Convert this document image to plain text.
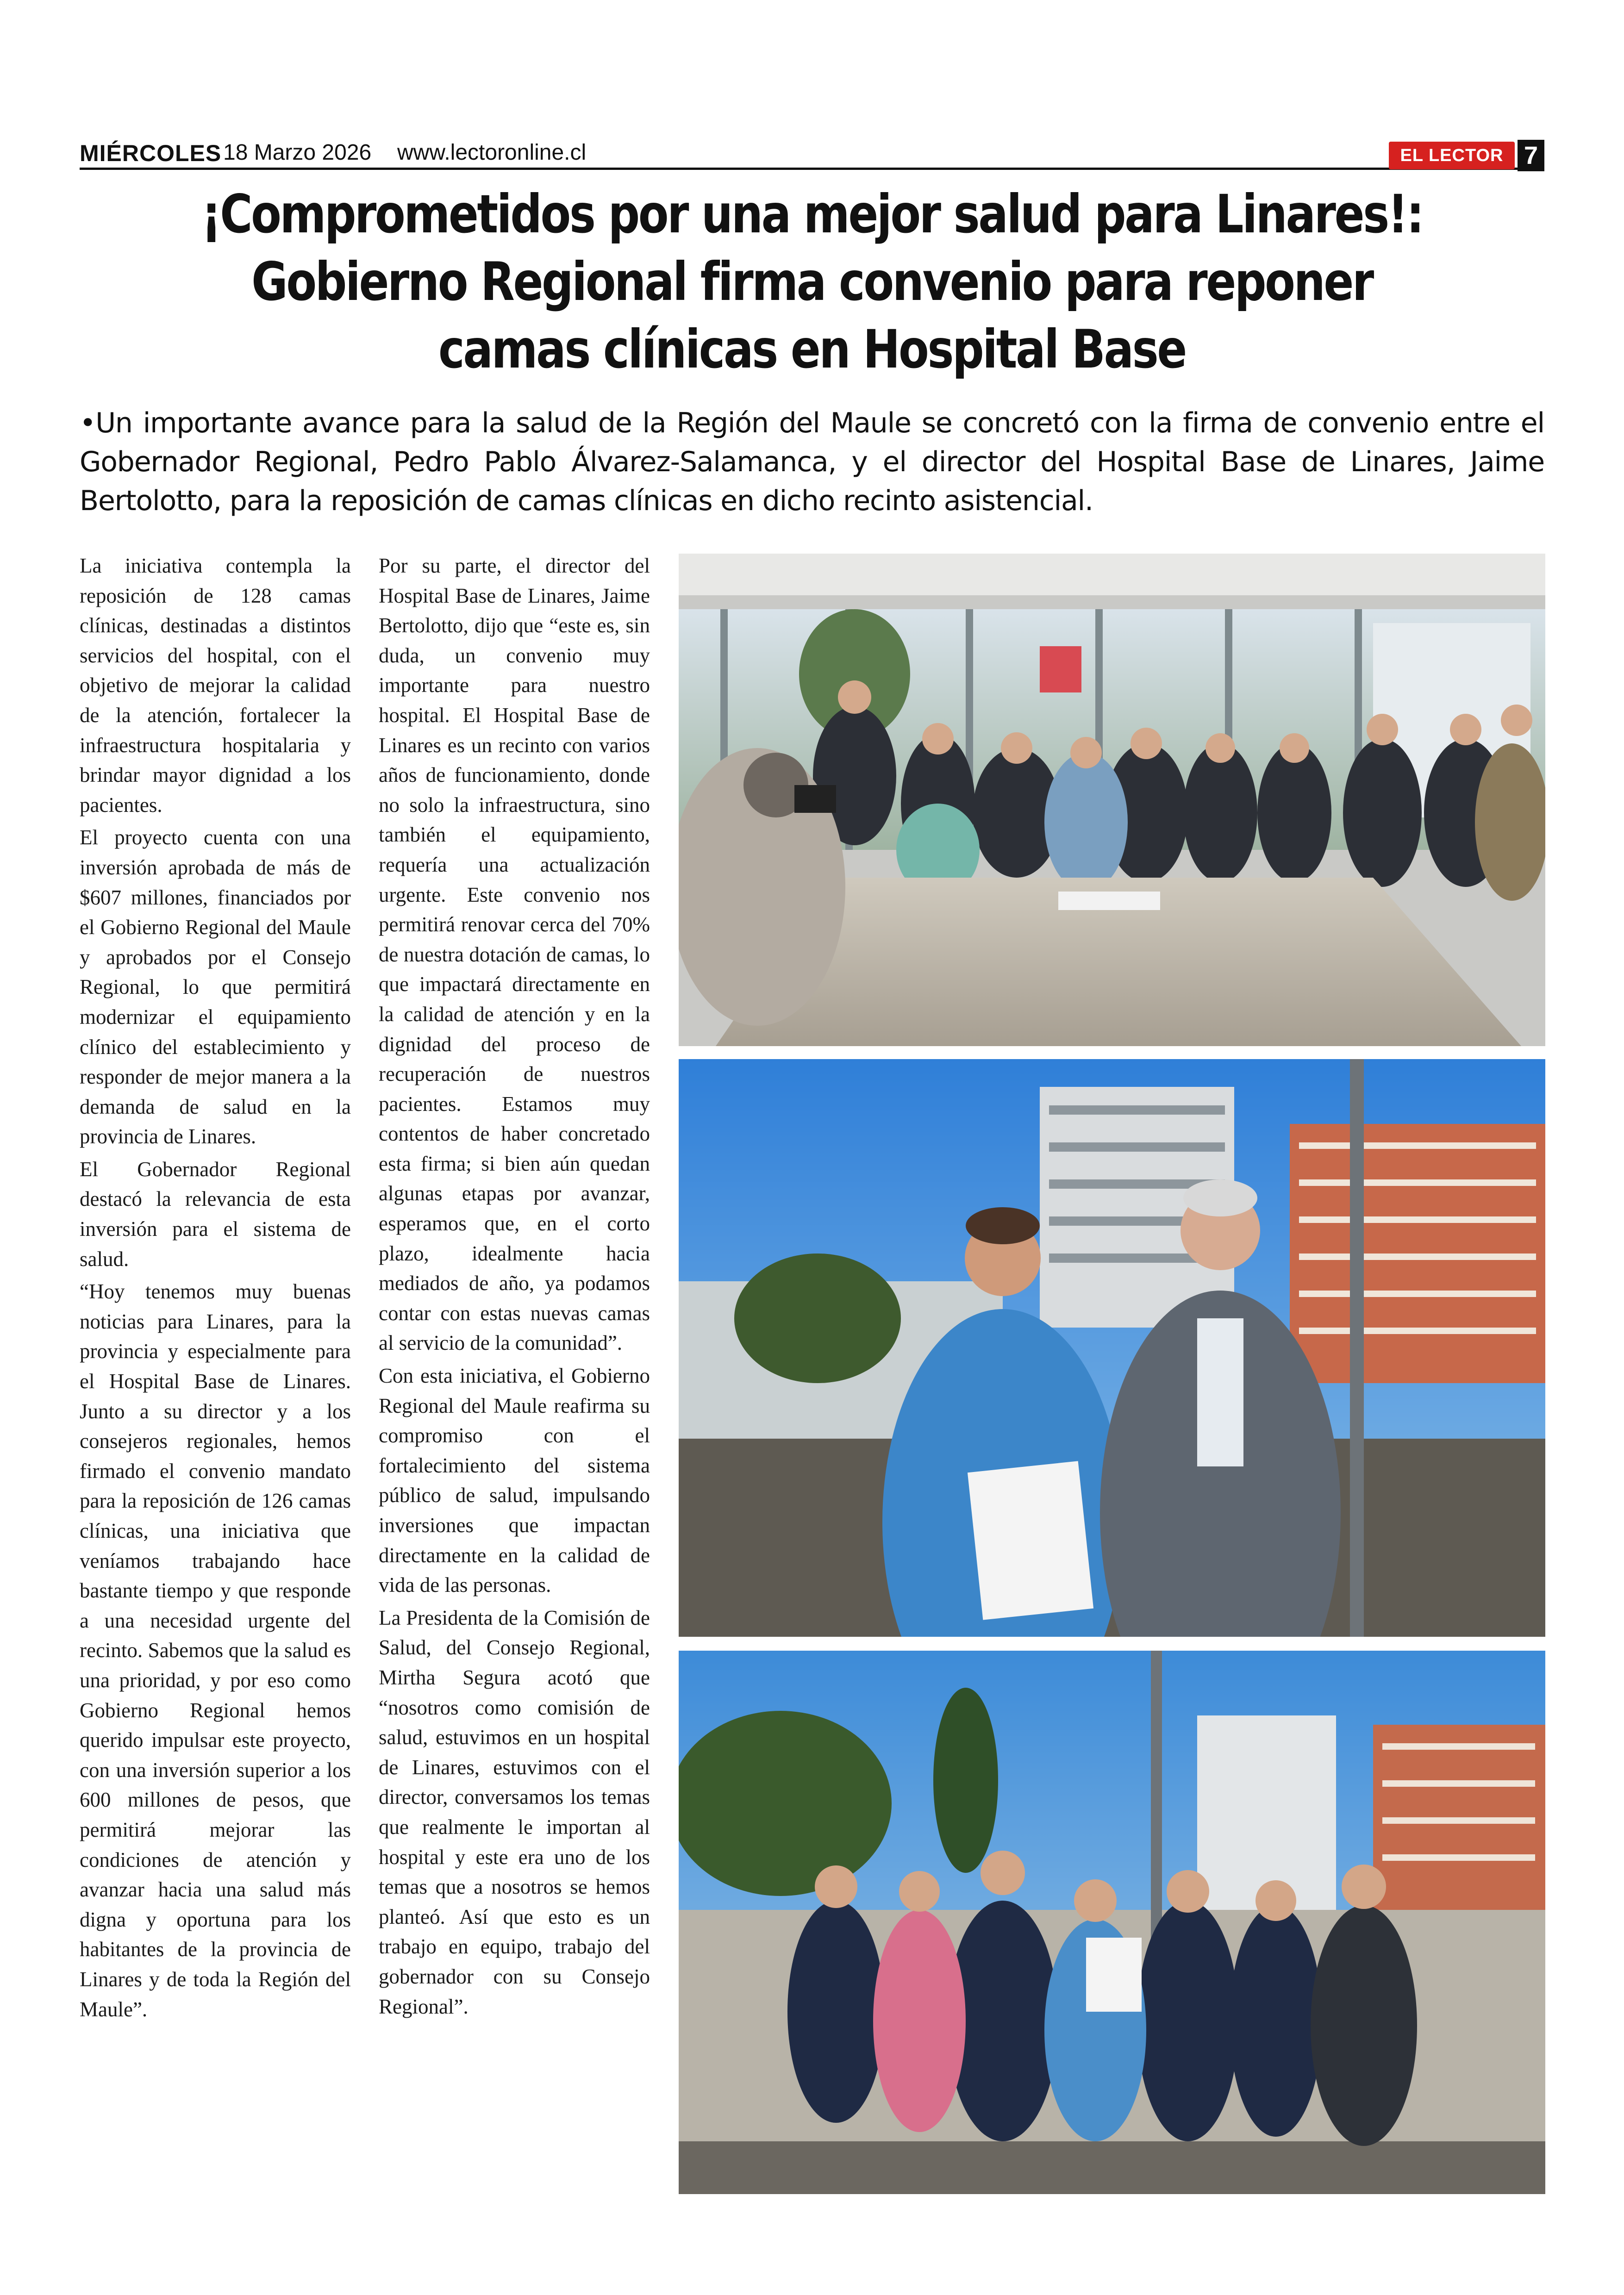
MIÉRCOLES 18 Marzo 2026 www.lectoronline.cl	EL LECTOR 7
¡Comprometidos por una mejor salud para Linares!:
Gobierno Regional firma convenio para reponer
camas clínicas en Hospital Base
•Un importante avance para la salud de la Región del Maule se concretó con la firma de convenio entre el Gobernador Regional, Pedro Pablo Álvarez-Salamanca, y el director del Hospital Base de Linares, Jaime Bertolotto, para la reposición de camas clínicas en dicho recinto asistencial.

La iniciativa contempla la reposición de 128 camas clínicas, destinadas a distintos servicios del hospital, con el objetivo de mejorar la calidad de la atención, fortalecer la infraestructura hospitalaria y brindar mayor dignidad a los pacientes.

El proyecto cuenta con una inversión aprobada de más de $607 millones, financiados por el Gobierno Regional del Maule y aprobados por el Consejo Regional, lo que permitirá modernizar el equipamiento clínico del establecimiento y responder de mejor manera a la demanda de salud en la provincia de Linares.

El Gobernador Regional destacó la relevancia de esta inversión para el sistema de salud.

“Hoy tenemos muy buenas noticias para Linares, para la provincia y especialmente para el Hospital Base de Linares. Junto a su director y a los consejeros regionales, hemos firmado el convenio mandato para la reposición de 126 camas clínicas, una iniciativa que veníamos trabajando hace bastante tiempo y que responde a una necesidad urgente del recinto. Sabemos que la salud es una prioridad, y por eso como Gobierno Regional hemos querido impulsar este proyecto, con una inversión superior a los 600 millones de pesos, que permitirá mejorar las condiciones de atención y avanzar hacia una salud más digna y oportuna para los habitantes de la provincia de Linares y de toda la Región del Maule”.

Por su parte, el director del Hospital Base de Linares, Jaime Bertolotto, dijo que “este es, sin duda, un convenio muy importante para nuestro hospital. El Hospital Base de Linares es un recinto con varios años de funcionamiento, donde no solo la infraestructura, sino también el equipamiento, requería una actualización urgente. Este convenio nos permitirá renovar cerca del 70% de nuestra dotación de camas, lo que impactará directamente en la calidad de atención y en la dignidad del proceso de recuperación de nuestros pacientes. Estamos muy contentos de haber concretado esta firma; si bien aún quedan algunas etapas por avanzar, esperamos que, en el corto plazo, idealmente hacia mediados de año, ya podamos contar con estas nuevas camas al servicio de la comunidad”.

Con esta iniciativa, el Gobierno Regional del Maule reafirma su compromiso con el fortalecimiento del sistema público de salud, impulsando inversiones que impactan directamente en la calidad de vida de las personas.

La Presidenta de la Comisión de Salud, del Consejo Regional, Mirtha Segura acotó que “nosotros como comisión de salud, estuvimos en un hospital de Linares, estuvimos con el director, conversamos los temas que realmente le importan al hospital y este era uno de los temas que a nosotros se hemos planteó. Así que esto es un trabajo en equipo, trabajo del gobernador con su Consejo Regional”.
